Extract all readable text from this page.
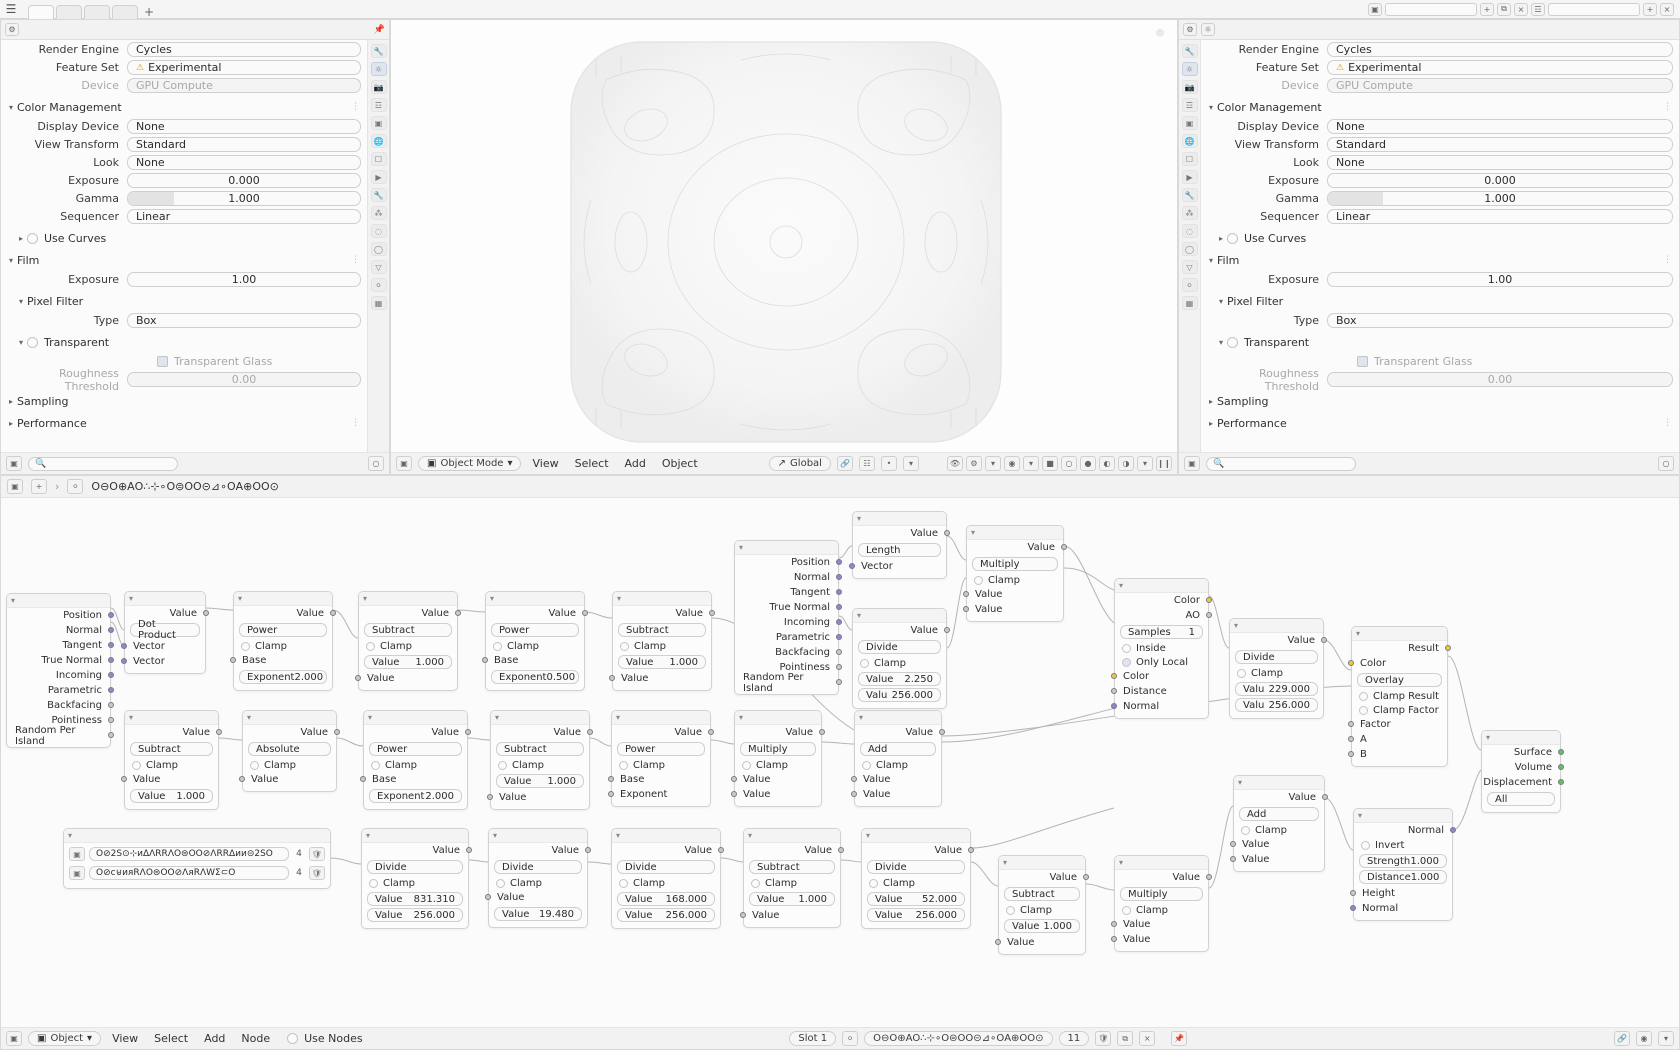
☰	+	▣	+	⧉	×	☲	+	×
⚙	📌
🔧
☼
📷
☲
▣
🌐
☐
▶
🔧
⁂
◌
◯
▽
⚪
▦
Render Engine	Cycles
Feature Set	⚠ Experimental
Device	GPU Compute
▾ Color Management	⋮
Display Device	None
View Transform	Standard
Look	None
Exposure	0.000
Gamma	1.000
Sequencer	Linear
▸	Use Curves
▾ Film	⋮
Exposure	1.00
▾ Pixel Filter
Type	Box
▾	Transparent
Transparent Glass
Roughness Threshold	0.00
▸ Sampling
▸ Performance	⋮
▣	🔍	○
◎
▣	▣ Object Mode ▾	View	Select	Add	Object	↗ Global	🔗	☷	•	▾	👁	⚙	▾	◉	▾	■	○	●	◐	◑	▾	❙❙
⚙	☼
🔧
☼
📷
☲
▣
🌐
☐
▶
🔧
⁂
◌
◯
▽
⚪
▦
Render Engine	Cycles
Feature Set	⚠ Experimental
Device	GPU Compute
▾ Color Management	⋮
Display Device	None
View Transform	Standard
Look	None
Exposure	0.000
Gamma	1.000
Sequencer	Linear
▸	Use Curves
▾ Film	⋮
Exposure	1.00
▾ Pixel Filter
Type	Box
▾	Transparent
Transparent Glass
Roughness Threshold	0.00
▸ Sampling
▸ Performance	⋮
▣	🔍	○
▣	+	›	⚪	Ο⊖Ο⊕ΑΟ∴⊹∘Ο⊜ΟΟ⊝⊿∘ΟΑ⊕ΟΟ⊙
▾
Position
Normal
Tangent
True Normal
Incoming
Parametric
Backfacing
Pointiness
Random Per Island
▾
Value
Dot Product
Vector
Vector
▾
Value
Power
Clamp
Base
Exponent 2.000
▾
Value
Subtract
Clamp
Value 1.000
Value
▾
Value
Power
Clamp
Base
Exponent 0.500
▾
Value
Subtract
Clamp
Value 1.000
Value
▾
Position
Normal
Tangent
True Normal
Incoming
Parametric
Backfacing
Pointiness
Random Per Island
▾
Value
Length
Vector
▾
Value
Divide
Clamp
Value 2.250
Valu 256.000
▾
Value
Multiply
Clamp
Value
Value
▾
Color
AO
Samples 1
Inside
Only Local
Color
Distance
Normal
▾
Value
Divide
Clamp
Valu 229.000
Valu 256.000
▾
Result
Color
Overlay
Clamp Result
Clamp Factor
Factor
A
B
▾
Surface
Volume
Displacement
All
▾
Value
Subtract
Clamp
Value
Value 1.000
▾
Value
Absolute
Clamp
Value
▾
Value
Power
Clamp
Base
Exponent 2.000
▾
Value
Subtract
Clamp
Value 1.000
Value
▾
Value
Power
Clamp
Base
Exponent
▾
Value
Multiply
Clamp
Value
Value
▾
Value
Add
Clamp
Value
Value
▾
Value
Add
Clamp
Value
Value
▾
Normal
Invert
Strength 1.000
Distance 1.000
Height
Normal
▾
▣	Ο⊘2S⊙⊹ᴎΔΛRRΛΟ⊜ΟΟ⊘ΛRRΔᴎᴎ⊝2SΟ	4	🛡
▣	Ο⊘ᴄ⊎ᴎᴙRΛΟ⊜ΟΟ⊘ΛᴙRΛWΣ⊂Ο	4	🛡
▾
Value
Divide
Clamp
Value 831.310
Value 256.000
▾
Value
Divide
Clamp
Value
Value 19.480
▾
Value
Divide
Clamp
Value 168.000
Value 256.000
▾
Value
Subtract
Clamp
Value 1.000
Value
▾
Value
Divide
Clamp
Value 52.000
Value 256.000
▾
Value
Subtract
Clamp
Value 1.000
Value
▾
Value
Multiply
Clamp
Value
Value
▣	▣ Object ▾	View	Select	Add	Node	Use Nodes	Slot 1	⚪	Ο⊖Ο⊕ΑΟ∴⊹∘Ο⊜ΟΟ⊝⊿∘ΟΑ⊕ΟΟ⊙ 11	🛡	⧉	×	📌	🔗	◉	▾
